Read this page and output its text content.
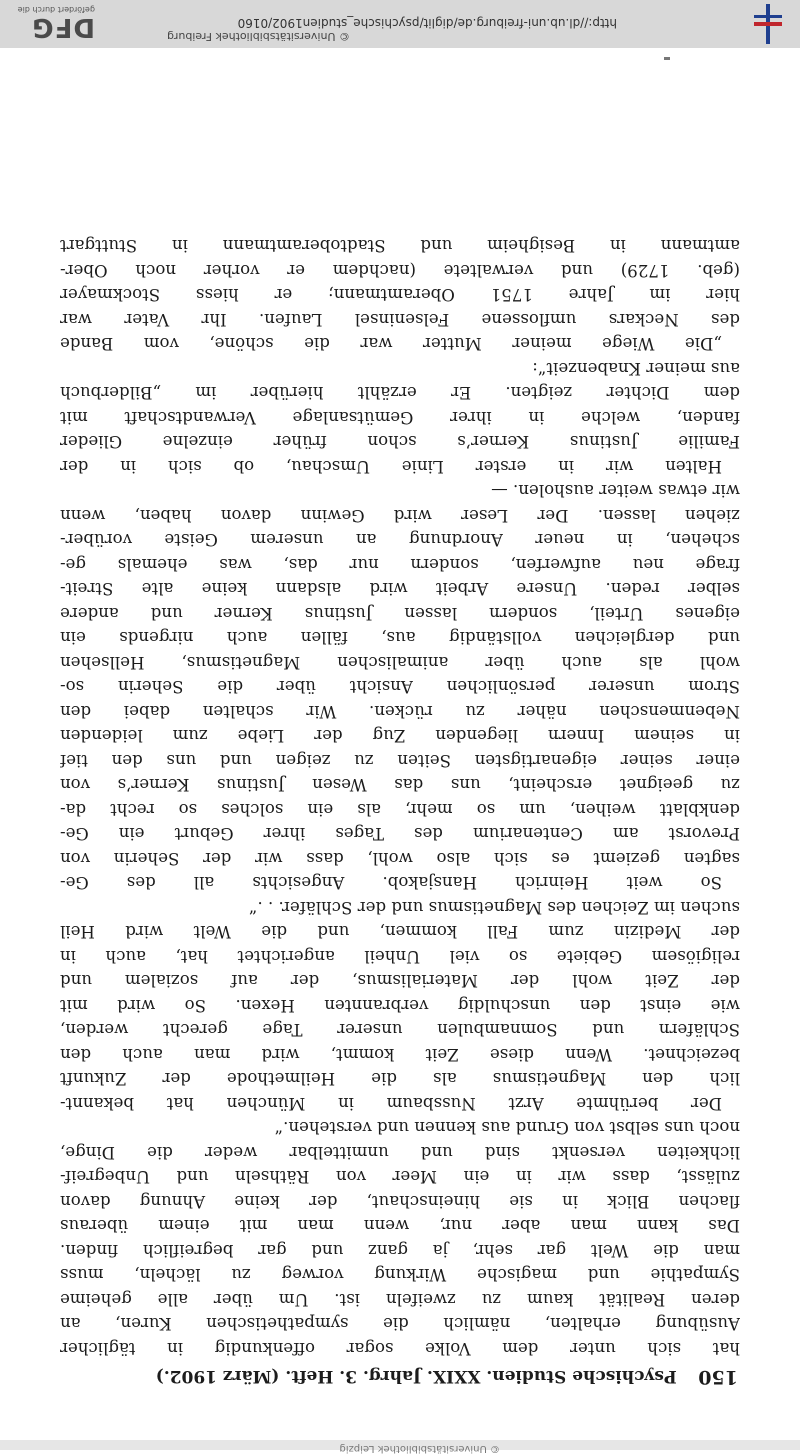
© Universitätsbibliothek Leipzig
150    Psychische Studien. XXIX. Jahrg. 3. Heft. (März 1902.)
hat sich unter dem Volke sogar offenkundig in täglicher
Ausübung erhalten, nämlich die sympathetischen Kuren, an
deren Realität kaum zu zweifeln ist. Um über alle geheime
Sympathie und magische Wirkung vorweg zu lächeln, muss
man die Welt gar sehr, ja ganz und gar begreiflich finden.
Das kann man aber nur, wenn man mit einem überaus
flachen Blick in sie hineinschaut, der keine Ahnung davon
zulässt, dass wir in ein Meer von Räthseln und Unbegreif-
lichkeiten versenkt sind und unmittelbar weder die Dinge,
noch uns selbst von Grund aus kennen und verstehen.“
Der berühmte Arzt Nussbaum in München hat bekannt-
lich den Magnetismus als die Heilmethode der Zukunft
bezeichnet. Wenn diese Zeit kommt, wird man auch den
Schläfern und Somnambulen unserer Tage gerecht werden,
wie einst den unschuldig verbrannten Hexen. So wird mit
der Zeit wohl der Materialismus, der auf sozialem und
religiösem Gebiete so viel Unheil angerichtet hat, auch in
der Medizin zum Fall kommen, und die Welt wird Heil
suchen im Zeichen des Magnetismus und der Schläfer. . .“
So weit Heinrich Hansjakob. Angesichts all des Ge-
sagten geziemt es sich also wohl, dass wir der Seherin von
Prevorst am Centenarium des Tages ihrer Geburt ein Ge-
denkblatt weihen, um so mehr, als ein solches so recht da-
zu geeignet erscheint, uns das Wesen Justinus Kerner’s von
einer seiner eigenartigsten Seiten zu zeigen und uns den tief
in seinem Innern liegenden Zug der Liebe zum leidenden
Nebenmenschen näher zu rücken. Wir schalten dabei den
Strom unserer persönlichen Ansicht über die Seherin so-
wohl als auch über animalischen Magnetismus, Hellsehen
und dergleichen vollständig aus, fällen auch nirgends ein
eigenes Urteil, sondern lassen Justinus Kerner und andere
selber reden. Unsere Arbeit wird alsdann keine alte Streit-
frage neu aufwerfen, sondern nur das, was ehemals ge-
schehen, in neuer Anordnung an unserem Geiste vorüber-
ziehen lassen. Der Leser wird Gewinn davon haben, wenn
wir etwas weiter ausholen. —
Halten wir in erster Linie Umschau, ob sich in der
Familie Justinus Kerner’s schon früher einzelne Glieder
fanden, welche in ihrer Gemütsanlage Verwandtschaft mit
dem Dichter zeigten. Er erzählt hierüber im „Bilderbuch
aus meiner Knabenzeit“:
„Die Wiege meiner Mutter war die schöne, vom Bande
des Neckars umflossene Felseninsel Laufen. Ihr Vater war
hier im Jahre 1751 Oberamtmann; er hiess Stockmayer
(geb. 1729) und verwaltete (nachdem er vorher noch Ober-
amtmann in Besigheim und Stadtoberamtmann in Stuttgart
© Universitätsbibliothek Freiburg
http://dl.ub.uni-freiburg.de/diglit/psychische_studien1902/0160
DFG
gefördert durch die
